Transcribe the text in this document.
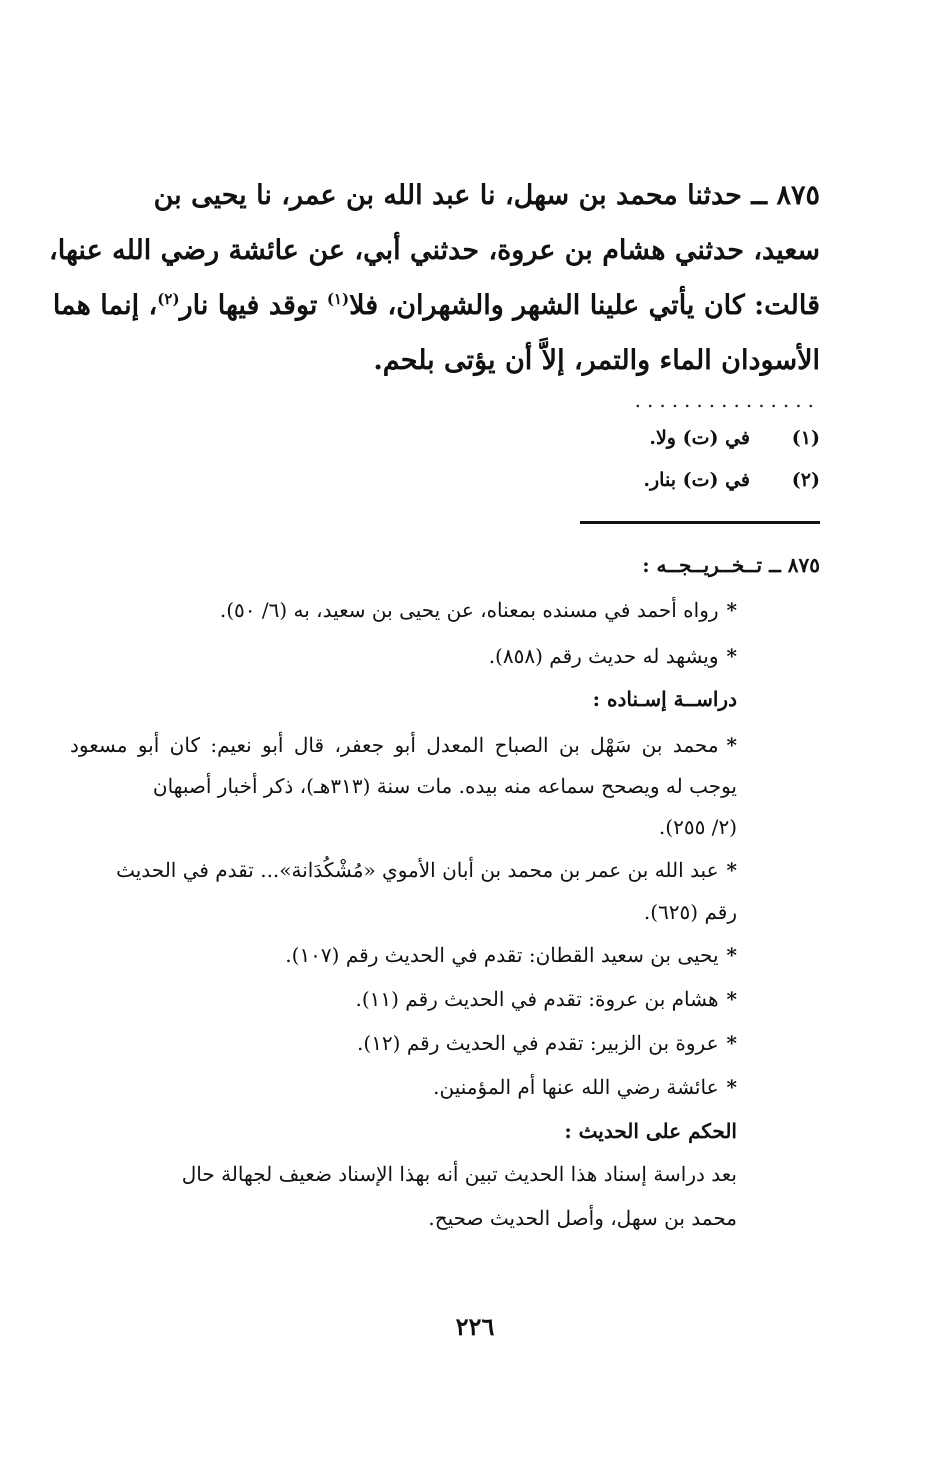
٨٧٥ ــ حدثنا محمد بن سهل، نا عبد الله بن عمر، نا يحيى بن
سعيد، حدثني هشام بن عروة، حدثني أبي، عن عائشة رضي الله عنها،
قالت: كان يأتي علينا الشهر والشهران، فلا$^{(١)}$ توقد فيها نار$^{(٢)}$، إنما هما
الأسودان الماء والتمر، إلاَّ أن يؤتى بلحم.
...............
(١)في (ت) ولا.
(٢)في (ت) بنار.
٨٧٥ ــ تــخــريــجــه :
*رواه أحمد في مسنده بمعناه، عن يحيى بن سعيد، به (٦/ ٥٠).
*ويشهد له حديث رقم (٨٥٨).
دراســة إسـناده :
*محمد بن سَهْل بن الصباح المعدل أبو جعفر، قال أبو نعيم: كان أبو مسعود
يوجب له ويصحح سماعه منه بيده. مات سنة (٣١٣هـ)، ذكر أخبار أصبهان
(٢/ ٢٥٥).
*عبد الله بن عمر بن محمد بن أبان الأموي «مُشْكُدَانة»... تقدم في الحديث
رقم (٦٢٥).
*يحيى بن سعيد القطان: تقدم في الحديث رقم (١٠٧).
*هشام بن عروة: تقدم في الحديث رقم (١١).
*عروة بن الزبير: تقدم في الحديث رقم (١٢).
*عائشة رضي الله عنها أم المؤمنين.
الحكم على الحديث :
بعد دراسة إسناد هذا الحديث تبين أنه بهذا الإسناد ضعيف لجهالة حال
محمد بن سهل، وأصل الحديث صحيح.
٢٢٦
